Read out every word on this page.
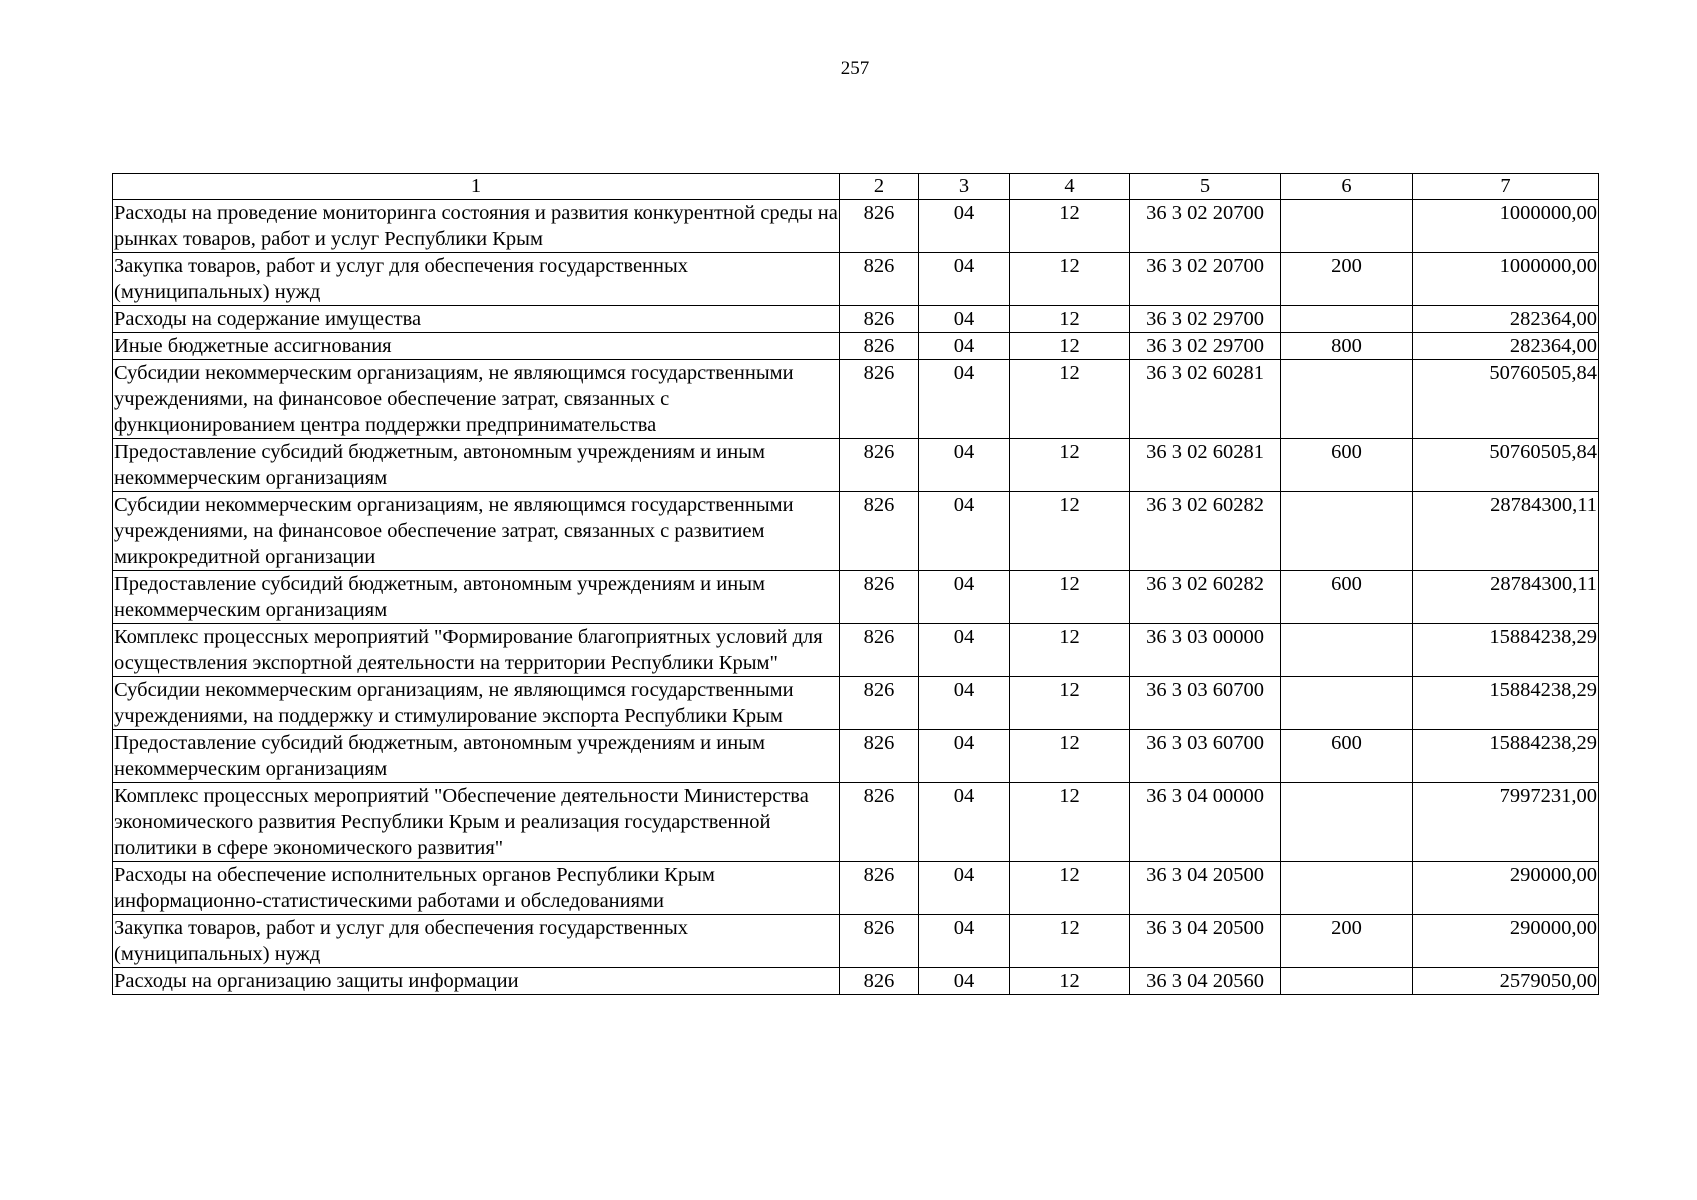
257
1	2	3	4	5	6	7
Расходы на проведение мониторинга состояния и развития конкурентной среды на рынках товаров, работ и услуг Республики Крым	826	04	12	36 3 02 20700		1000000,00
Закупка товаров, работ и услуг для обеспечения государственных (муниципальных) нужд	826	04	12	36 3 02 20700	200	1000000,00
Расходы на содержание имущества	826	04	12	36 3 02 29700		282364,00
Иные бюджетные ассигнования	826	04	12	36 3 02 29700	800	282364,00
Субсидии некоммерческим организациям, не являющимся государственными учреждениями, на финансовое обеспечение затрат, связанных с функционированием центра поддержки предпринимательства	826	04	12	36 3 02 60281		50760505,84
Предоставление субсидий бюджетным, автономным учреждениям и иным некоммерческим организациям	826	04	12	36 3 02 60281	600	50760505,84
Субсидии некоммерческим организациям, не являющимся государственными учреждениями, на финансовое обеспечение затрат, связанных с развитием микрокредитной организации	826	04	12	36 3 02 60282		28784300,11
Предоставление субсидий бюджетным, автономным учреждениям и иным некоммерческим организациям	826	04	12	36 3 02 60282	600	28784300,11
Комплекс процессных мероприятий "Формирование благоприятных условий для осуществления экспортной деятельности на территории Республики Крым"	826	04	12	36 3 03 00000		15884238,29
Субсидии некоммерческим организациям, не являющимся государственными учреждениями, на поддержку и стимулирование экспорта Республики Крым	826	04	12	36 3 03 60700		15884238,29
Предоставление субсидий бюджетным, автономным учреждениям и иным некоммерческим организациям	826	04	12	36 3 03 60700	600	15884238,29
Комплекс процессных мероприятий "Обеспечение деятельности Министерства экономического развития Республики Крым и реализация государственной политики в сфере экономического развития"	826	04	12	36 3 04 00000		7997231,00
Расходы на обеспечение исполнительных органов Республики Крым информационно-статистическими работами и обследованиями	826	04	12	36 3 04 20500		290000,00
Закупка товаров, работ и услуг для обеспечения государственных (муниципальных) нужд	826	04	12	36 3 04 20500	200	290000,00
Расходы на организацию защиты информации	826	04	12	36 3 04 20560		2579050,00
